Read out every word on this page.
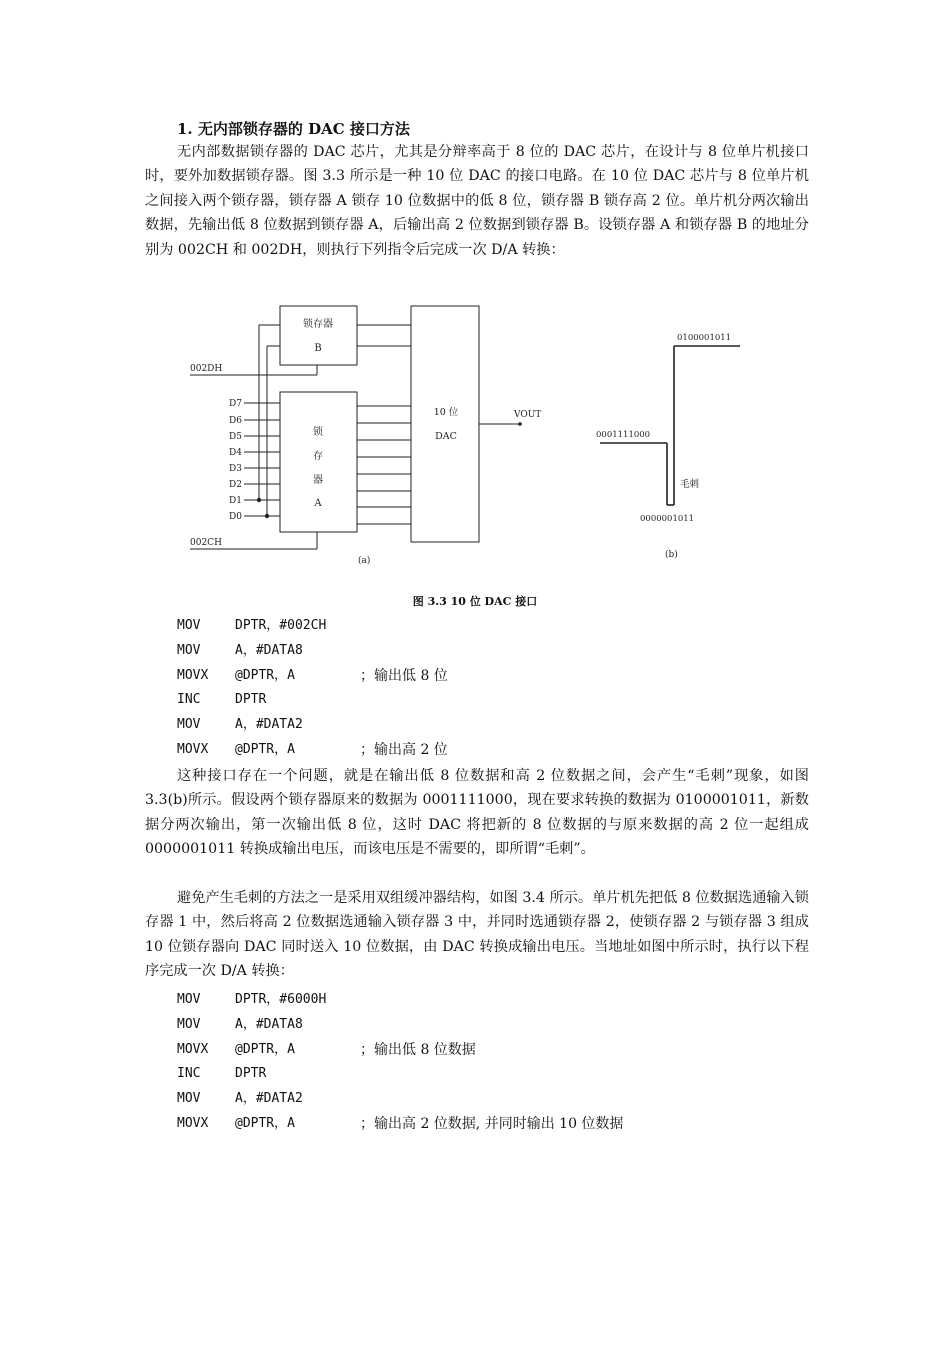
1. 无内部锁存器的 DAC 接口方法

无内部数据锁存器的 DAC 芯片，尤其是分辩率高于 8 位的 DAC 芯片，在设计与 8 位单片机接口时，要外加数据锁存器。图 3.3 所示是一种 10 位 DAC 的接口电路。在 10 位 DAC 芯片与 8 位单片机之间接入两个锁存器，锁存器 A 锁存 10 位数据中的低 8 位，锁存器 B 锁存高 2 位。单片机分两次输出数据，先输出低 8 位数据到锁存器 A，后输出高 2 位数据到锁存器 B。设锁存器 A 和锁存器 B 的地址分别为 002CH 和 002DH，则执行下列指令后完成一次 D/A 转换：

锁存器
B
锁
存
器
A
10 位
DAC
002DH
002CH
D7
D6
D5
D4
D3
D2
D1
D0
VOUT
(a)
(b)
0100001011
0001111000
0000001011
毛刺
图 3.3 10 位 DAC 接口
MOV	DPTR，#002CH
MOV	A，#DATA8
MOVX @DPTR，A	；输出低 8 位
INC	DPTR
MOV	A，#DATA2
MOVX @DPTR，A	；输出高 2 位

这种接口存在一个问题，就是在输出低 8 位数据和高 2 位数据之间，会产生“毛刺”现象，如图 3.3(b)所示。假设两个锁存器原来的数据为 0001111000，现在要求转换的数据为 0100001011，新数据分两次输出，第一次输出低 8 位，这时 DAC 将把新的 8 位数据的与原来数据的高 2 位一起组成 0000001011 转换成输出电压，而该电压是不需要的，即所谓“毛刺”。

避免产生毛刺的方法之一是采用双组缓冲器结构，如图 3.4 所示。单片机先把低 8 位数据选通输入锁存器 1 中，然后将高 2 位数据选通输入锁存器 3 中，并同时选通锁存器 2，使锁存器 2 与锁存器 3 组成 10 位锁存器向 DAC 同时送入 10 位数据，由 DAC 转换成输出电压。当地址如图中所示时，执行以下程序完成一次 D/A 转换：

MOV	DPTR，#6000H
MOV	A，#DATA8
MOVX @DPTR，A	；输出低 8 位数据
INC	DPTR
MOV	A，#DATA2
MOVX @DPTR，A	；输出高 2 位数据, 并同时输出 10 位数据
